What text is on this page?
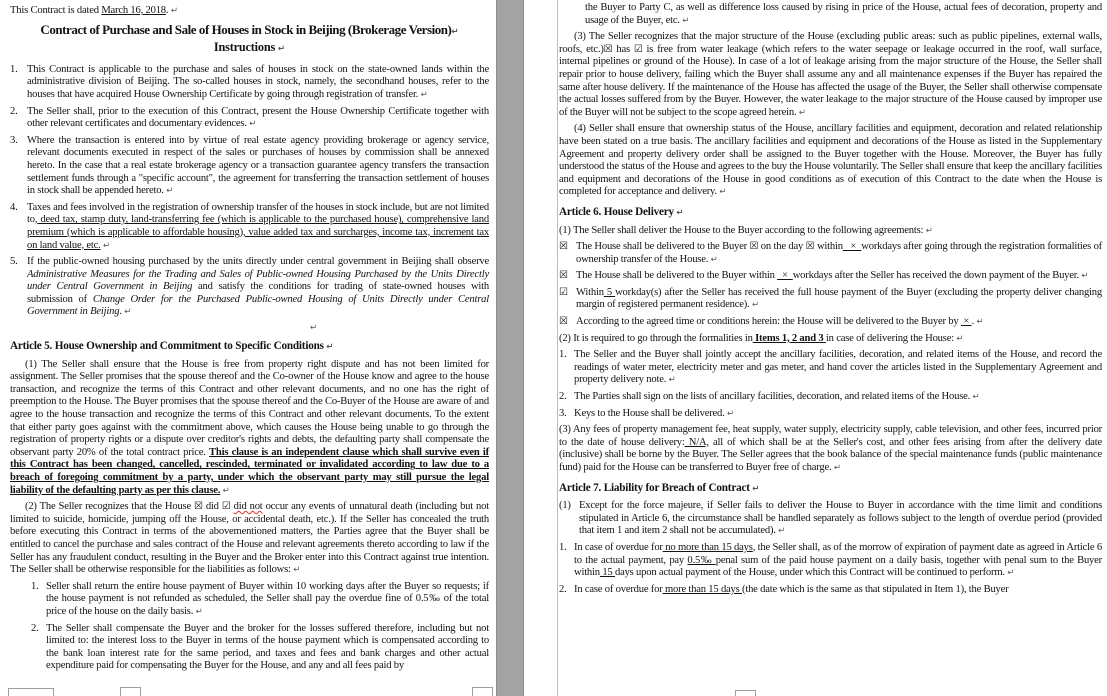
This Contract is dated March 16, 2018. ↵
Contract of Purchase and Sale of Houses in Stock in Beijing (Brokerage Version)↵
Instructions ↵
1. This Contract is applicable to the purchase and sales of houses in stock on the state-owned lands within the administrative division of Beijing. The so-called houses in stock, namely, the secondhand houses, refer to the houses that have acquired House Ownership Certificate by going through registration of transfer. ↵
2. The Seller shall, prior to the execution of this Contract, present the House Ownership Certificate together with other relevant certificates and documentary evidences. ↵
3. Where the transaction is entered into by virtue of real estate agency providing brokerage or agency service, relevant documents executed in respect of the sales or purchases of houses by commission shall be annexed hereto. In the case that a real estate brokerage agency or a transaction guarantee agency transfers the transaction settlement funds through a "specific account", the agreement for transferring the transaction settlement of houses in stock shall be appended hereto. ↵
4. Taxes and fees involved in the registration of ownership transfer of the houses in stock include, but are not limited to, deed tax, stamp duty, land-transferring fee (which is applicable to the purchased house), comprehensive land premium (which is applicable to affordable housing), value added tax and surcharges, income tax, increment tax on land value, etc. ↵
5. If the public-owned housing purchased by the units directly under central government in Beijing shall observe Administrative Measures for the Trading and Sales of Public-owned Housing Purchased by the Units Directly under Central Government in Beijing and satisfy the conditions for trading of state-owned houses with submission of Change Order for the Purchased Public-owned Housing of Units Directly under Central Government in Beijing. ↵
↵
Article 5. House Ownership and Commitment to Specific Conditions ↵
(1) The Seller shall ensure that the House is free from property right dispute and has not been limited for assignment. The Seller promises that the spouse thereof and the Co-owner of the House know and agree to the house transaction, and recognize the terms of this Contract and other relevant documents, and no one has the right of preemption to the House. The Buyer promises that the spouse thereof and the Co-Buyer of the House are aware of and agree to the house transaction and recognize the terms of this Contract and other relevant documents. To the extent that either party goes against with the commitment above, which causes the House being unable to go through the registration of property rights or a dispute over creditor's rights and debts, the defaulting party shall compensate the observant party 20% of the total contract price. This clause is an independent clause which shall survive even if this Contract has been changed, cancelled, rescinded, terminated or invalidated according to law due to a breach of foregoing commitment by a party, under which the observant party may still pursue the legal liability of the defaulting party as per this clause. ↵
(2) The Seller recognizes that the House ☒ did ☑ did not occur any events of unnatural death (including but not limited to suicide, homicide, jumping off the House, or accidental death, etc.). If the Seller has concealed the truth before executing this Contract in terms of the abovementioned matters, the Parties agree that the Buyer shall be entitled to cancel the purchase and sales contract of the House and relevant agreements thereto according to law if the Seller has any fraudulent conduct, resulting in the Buyer and the Broker enter into this Contract against true intention. The Seller shall be otherwise responsible for the liabilities as follows: ↵
1. Seller shall return the entire house payment of Buyer within 10 working days after the Buyer so requests; if the house payment is not refunded as scheduled, the Seller shall pay the overdue fine of 0.5‰ of the total price of the house on the daily basis. ↵
2. The Seller shall compensate the Buyer and the broker for the losses suffered therefore, including but not limited to: the interest loss to the Buyer in terms of the house payment which is compensated according to the bank loan interest rate for the same period, and taxes and fees and bank charges and other actual expenditure paid for compensating the Buyer for the House, and any and all fees paid by
the Buyer to Party C, as well as difference loss caused by rising in price of the House, actual fees of decoration, property and usage of the Buyer, etc. ↵
(3) The Seller recognizes that the major structure of the House (excluding public areas: such as public pipelines, external walls, roofs, etc.)☒ has ☑ is free from water leakage (which refers to the water seepage or leakage occurred in the roof, wall surface, internal pipelines or ground of the House). In case of a lot of leakage arising from the major structure of the House, the Seller shall repair prior to house delivery, failing which the Buyer shall assume any and all maintenance expenses if the Buyer has repaired the same after house delivery. If the maintenance of the House has affected the usage of the Buyer, the Seller shall otherwise compensate the actual losses suffered from by the Buyer. However, the water leakage to the major structure of the House caused by improper use of the Buyer will not be subject to the scope agreed herein. ↵
(4) Seller shall ensure that ownership status of the House, ancillary facilities and equipment, decoration and related relationship have been stated on a true basis. The ancillary facilities and equipment and decorations of the House as listed in the Supplementary Agreement and property delivery order shall be assigned to the Buyer together with the House. Moreover, the Buyer has fully understood the status of the House and agrees to the buy the House voluntarily. The Seller shall ensure that keep the ancillary facilities and equipment and decorations of the House in good conditions as of execution of this Contract to the date when the House is completed for acceptance and delivery. ↵
Article 6. House Delivery ↵
(1) The Seller shall deliver the House to the Buyer according to the following agreements: ↵
☒ The House shall be delivered to the Buyer ☒ on the day ☒ within   ×  workdays after going through the registration formalities of ownership transfer of the House. ↵
☒ The House shall be delivered to the Buyer within   ×  workdays after the Seller has received the down payment of the Buyer. ↵
☑ Within 5 workday(s) after the Seller has received the full house payment of the Buyer (excluding the property deliver changing margin of registered permanent residence). ↵
☒ According to the agreed time or conditions herein: the House will be delivered to the Buyer by  × . ↵
(2) It is required to go through the formalities in Items 1, 2 and 3 in case of delivering the House: ↵
1. The Seller and the Buyer shall jointly accept the ancillary facilities, decoration, and related items of the House, and record the readings of water meter, electricity meter and gas meter, and hand cover the articles listed in the Supplementary Agreement and property delivery note. ↵
2. The Parties shall sign on the lists of ancillary facilities, decoration, and related items of the House. ↵
3. Keys to the House shall be delivered. ↵
(3) Any fees of property management fee, heat supply, water supply, electricity supply, cable television, and other fees, incurred prior to the date of house delivery: N/A, all of which shall be at the Seller's cost, and other fees arising from after the delivery date (inclusive) shall be borne by the Buyer. The Seller agrees that the book balance of the special maintenance funds (public maintenance fund) paid for the House can be transferred to Buyer free of charge. ↵
Article 7. Liability for Breach of Contract ↵
(1) Except for the force majeure, if Seller fails to deliver the House to Buyer in accordance with the time limit and conditions stipulated in Article 6, the circumstance shall be handled separately as follows subject to the length of overdue period (provided that item 1 and item 2 shall not be accumulated). ↵
1. In case of overdue for no more than 15 days, the Seller shall, as of the morrow of expiration of payment date as agreed in Article 6 to the actual payment, pay 0.5‰ penal sum of the paid house payment on a daily basis, together with penal sum to the Buyer within 15 days upon actual payment of the House, under which this Contract will be continued to perform. ↵
2. In case of overdue for more than 15 days (the date which is the same as that stipulated in Item 1), the Buyer
